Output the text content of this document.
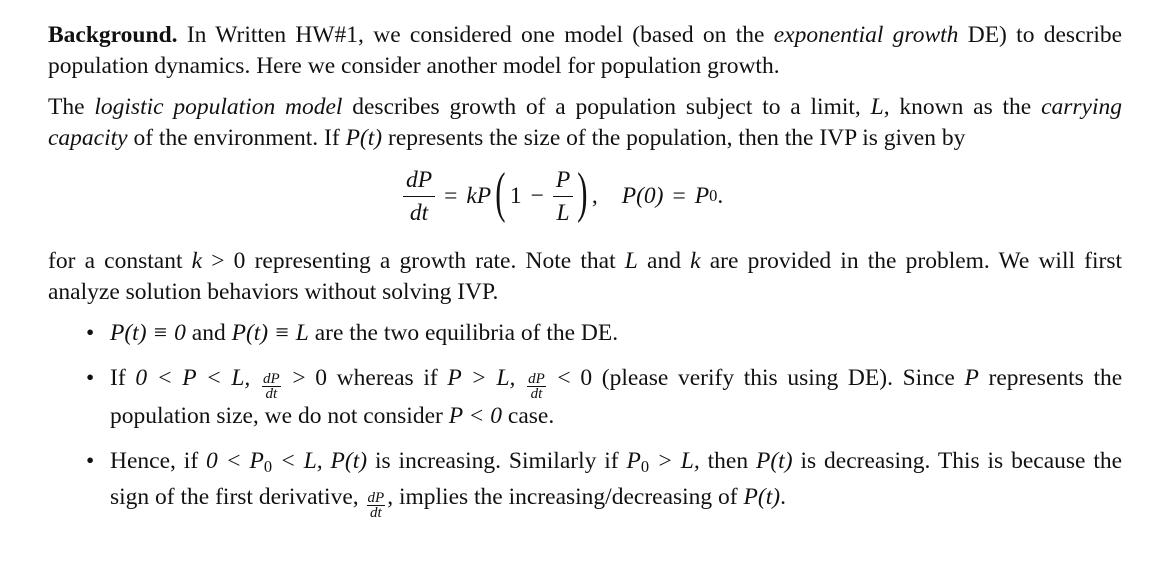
Background. In Written HW#1, we considered one model (based on the exponential growth DE) to describe population dynamics. Here we consider another model for population growth.

The logistic population model describes growth of a population subject to a limit, L, known as the carrying capacity of the environment. If P(t) represents the size of the population, then the IVP is given by

$\frac{dP}{dt}$ = kP ( $1 - \frac{P}{L}$ ) , P(0) = P 0 .

for a constant k > 0 representing a growth rate. Note that L and k are provided in the problem. We will first analyze solution behaviors without solving IVP.

• P(t) ≡ 0 and P(t) ≡ L are the two equilibria of the DE.
• If 0 < P < L, $\frac{dP}{dt} > 0$ whereas if P > L, $\frac{dP}{dt} < 0$ (please verify this using DE). Since P represents the population size, we do not consider P < 0 case.
• Hence, if $0 < P_0 < L$, P(t) is increasing. Similarly if $P_0 > L$, then P(t) is decreasing. This is because the sign of the first derivative, $\frac{dP}{dt}$ , implies the increasing/decreasing of P(t).
